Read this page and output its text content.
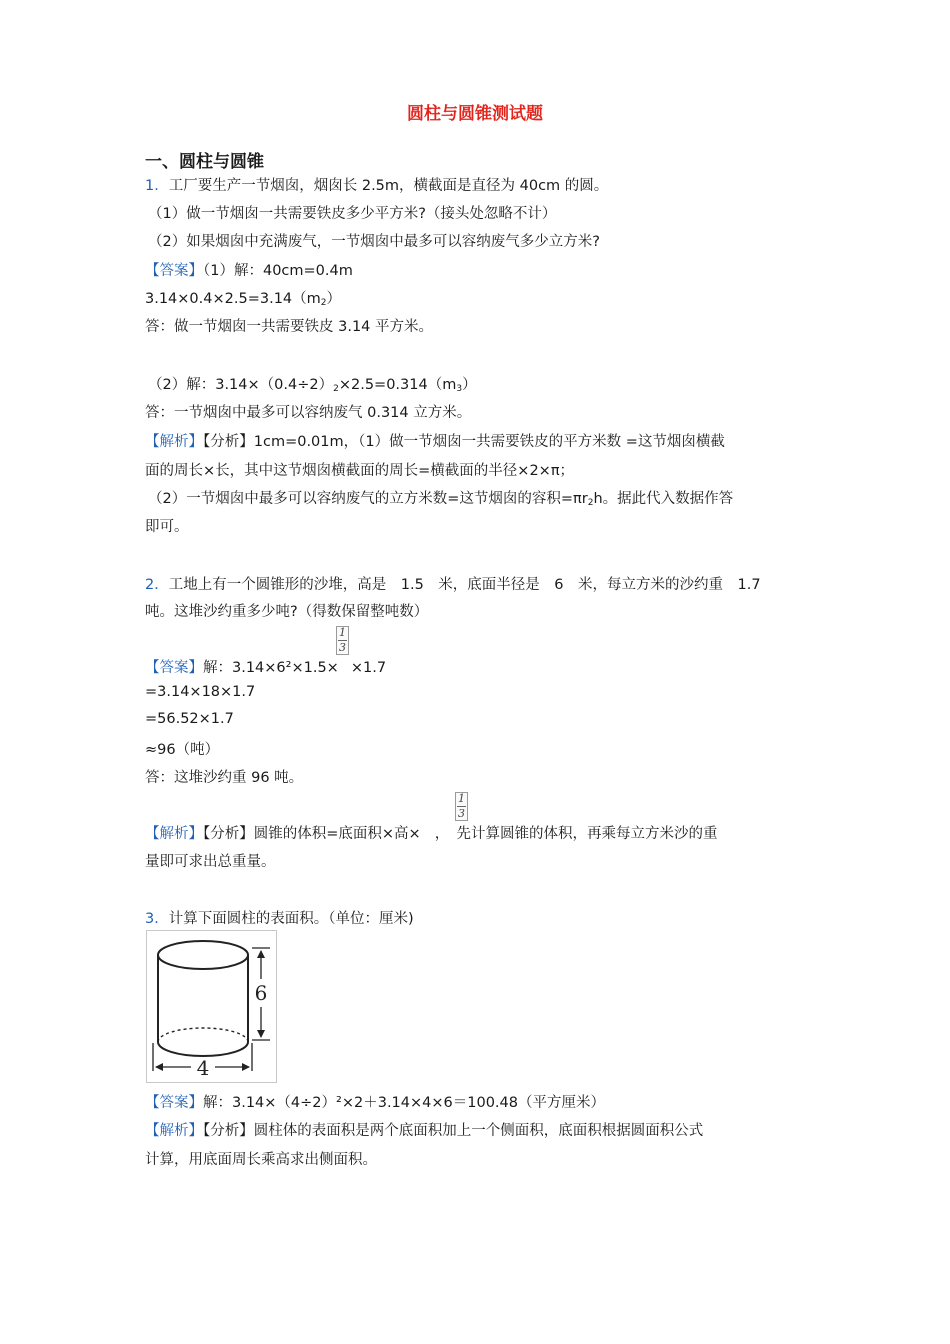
圆柱与圆锥测试题
一、圆柱与圆锥
1．工厂要生产一节烟囱，烟囱长 2.5m，横截面是直径为 40cm 的圆。
（1）做一节烟囱一共需要铁皮多少平方米?（接头处忽略不计）
（2）如果烟囱中充满废气，一节烟囱中最多可以容纳废气多少立方米?
【答案】（1）解：40cm=0.4m
$3.14\times 0.4\times 2.5=3.14(m_2)$
答：做一节烟囱一共需要铁皮 3.14 平方米。
（2）解：$3.14\times(0.4\div 2)_2\times 2.5=0.314(m_3)$
答：一节烟囱中最多可以容纳废气 0.314 立方米。
【解析】【分析】1cm=0.01m，（1）做一节烟囱一共需要铁皮的平方米数 =这节烟囱横截
面的周长×长，其中这节烟囱横截面的周长=横截面的半径×2×π；
（2）一节烟囱中最多可以容纳废气的立方米数=这节烟囱的容积$=\pi r_2h$。据此代入数据作答
即可。
2．工地上有一个圆锥形的沙堆，高是　1.5　米，底面半径是　6　米，每立方米的沙约重　1.7
吨。这堆沙约重多少吨?（得数保留整吨数）
【答案】解：3.14×6²×1.5× ×1.7
1
3
=3.14×18×1.7
=56.52×1.7
≈96（吨）
答：这堆沙约重 96 吨。
【解析】【分析】圆锥的体积=底面积×高× ，　先计算圆锥的体积，再乘每立方米沙的重
1
3
量即可求出总重量。
3．计算下面圆柱的表面积。（单位：厘米)
6
4
【答案】解：3.14×（4÷2）²×2＋3.14×4×6＝100.48（平方厘米）
【解析】【分析】圆柱体的表面积是两个底面积加上一个侧面积，底面积根据圆面积公式
计算，用底面周长乘高求出侧面积。
